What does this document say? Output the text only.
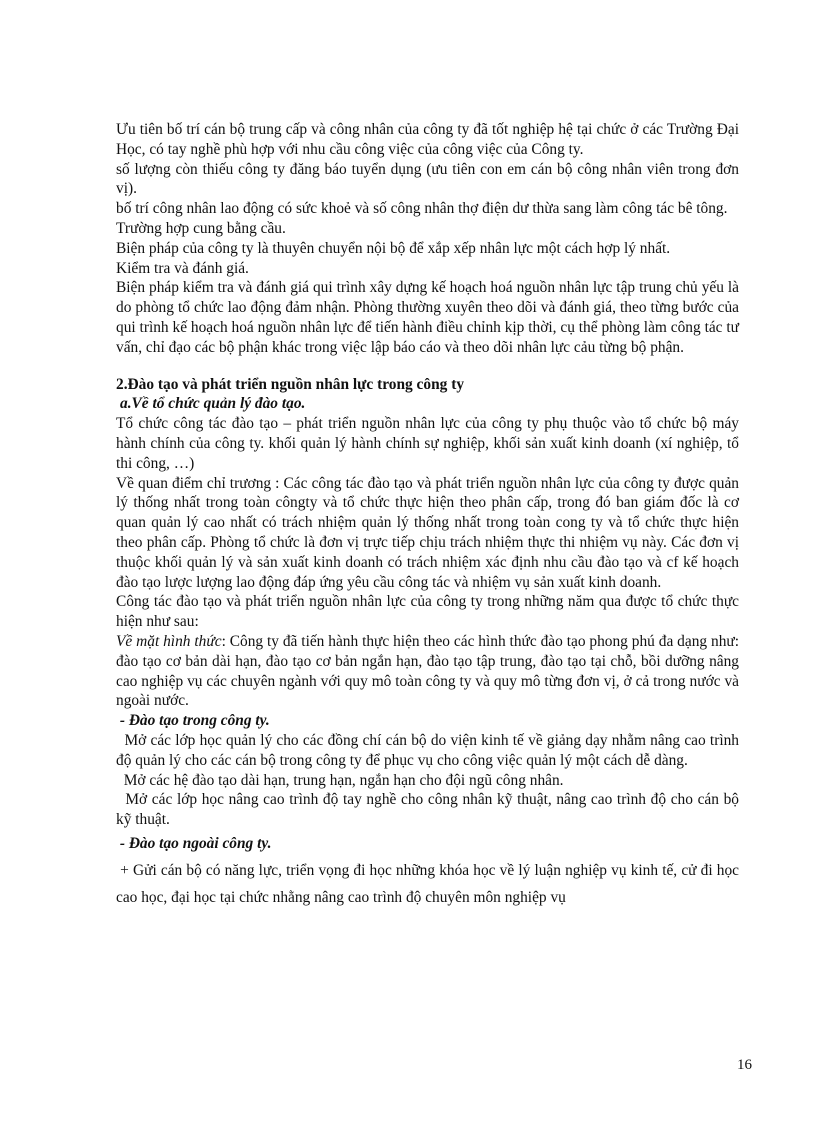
Ưu tiên bố trí cán bộ trung cấp và công nhân của công ty đã tốt nghiệp hệ tại chức ở các Trường Đại Học, có tay nghề phù hợp với nhu cầu công việc của công việc của Công ty.

số lượng còn thiếu công ty đăng báo tuyển dụng (ưu tiên con em cán bộ công nhân viên trong đơn vị).

bố trí công nhân lao động có sức khoẻ và số công nhân thợ điện dư thừa sang làm công tác bê tông.

Trường hợp cung bằng cầu.

Biện pháp của công ty là thuyên chuyển nội bộ để xắp xếp nhân lực một cách hợp lý nhất.

Kiểm tra và đánh giá.

Biện pháp kiểm tra và đánh giá qui trình xây dựng kế hoạch hoá nguồn nhân lực tập trung chủ yếu là do phòng tổ chức lao động đảm nhận. Phòng thường xuyên theo dõi và đánh giá, theo từng bước của qui trình kế hoạch hoá nguồn nhân lực để tiến hành điều chỉnh kịp thời, cụ thể phòng làm công tác tư vấn, chỉ đạo các bộ phận khác trong việc lập báo cáo và theo dõi nhân lực cảu từng bộ phận.

2.Đào tạo và phát triển nguồn nhân lực trong công ty

a.Về tổ chức quản lý đào tạo.

Tổ chức công tác đào tạo – phát triển nguồn nhân lực của công ty phụ thuộc vào tổ chức bộ máy hành chính của công ty. khối quản lý hành chính sự nghiệp, khối sản xuất kinh doanh (xí nghiệp, tổ thi công, …)

Về quan điểm chỉ trương : Các công tác đào tạo và phát triển nguồn nhân lực của công ty được quản lý thống nhất trong toàn côngty và tổ chức thực hiện theo phân cấp, trong đó ban giám đốc là cơ quan quản lý cao nhất có trách nhiệm quản lý thống nhất trong toàn cong ty và tổ chức thực hiện theo phân cấp. Phòng tổ chức là đơn vị trực tiếp chịu trách nhiệm thực thi nhiệm vụ này. Các đơn vị thuộc khối quản lý và sản xuất kinh doanh có trách nhiệm xác định nhu cầu đào tạo và cf kế hoạch đào tạo lược lượng lao động đáp ứng yêu cầu công tác và nhiệm vụ sản xuất kinh doanh.

Công tác đào tạo và phát triển nguồn nhân lực của công ty trong những năm qua được tổ chức thực hiện như sau:

Về mặt hình thức: Công ty đã tiến hành thực hiện theo các hình thức đào tạo phong phú đa dạng như: đào tạo cơ bản dài hạn, đào tạo cơ bản ngắn hạn, đào tạo tập trung, đào tạo tại chỗ, bồi dưỡng nâng cao nghiệp vụ các chuyên ngành với quy mô toàn công ty và quy mô từng đơn vị, ở cả trong nước và ngoài nước.

- Đào tạo trong công ty.

Mở các lớp học quản lý cho các đồng chí cán bộ do viện kinh tế về giảng dạy nhằm nâng cao trình độ quản lý cho các cán bộ trong công ty để phục vụ cho công việc quản lý một cách dễ dàng.

Mở các hệ đào tạo dài hạn, trung hạn, ngắn hạn cho đội ngũ công nhân.

Mở các lớp học nâng cao trình độ tay nghề cho công nhân kỹ thuật, nâng cao trình độ cho cán bộ kỹ thuật.

- Đào tạo ngoài công ty.

+ Gửi cán bộ có năng lực, triển vọng đi học những khóa học về lý luận nghiệp vụ kinh tế, cử đi học cao học, đại học tại chức nhằng nâng cao trình độ chuyên môn nghiệp vụ

16
